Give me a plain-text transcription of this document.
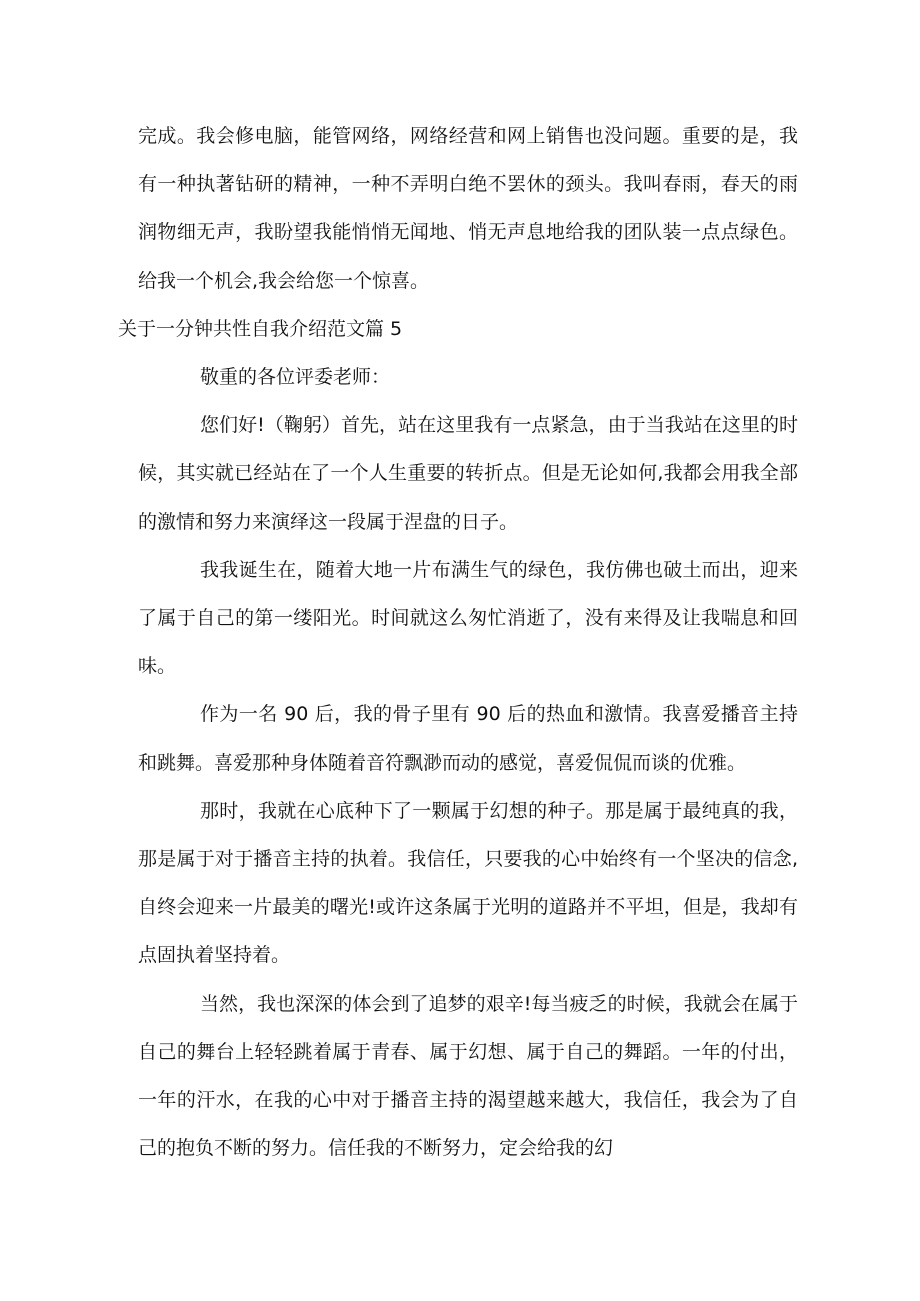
完成。我会修电脑，能管网络，网络经营和网上销售也没问题。重要的是，我有一种执著钻研的精神，一种不弄明白绝不罢休的颈头。我叫春雨，春天的雨润物细无声，我盼望我能悄悄无闻地、悄无声息地给我的团队装一点点绿色。给我一个机会,我会给您一个惊喜。

关于一分钟共性自我介绍范文篇 5

敬重的各位评委老师：

您们好!（鞠躬）首先，站在这里我有一点紧急，由于当我站在这里的时候，其实就已经站在了一个人生重要的转折点。但是无论如何,我都会用我全部的激情和努力来演绎这一段属于涅盘的日子。

我我诞生在，随着大地一片布满生气的绿色，我仿佛也破土而出，迎来了属于自己的第一缕阳光。时间就这么匆忙消逝了，没有来得及让我喘息和回味。

作为一名 90 后，我的骨子里有 90 后的热血和激情。我喜爱播音主持和跳舞。喜爱那种身体随着音符飘渺而动的感觉，喜爱侃侃而谈的优雅。

那时，我就在心底种下了一颗属于幻想的种子。那是属于最纯真的我，那是属于对于播音主持的执着。我信任，只要我的心中始终有一个坚决的信念,自终会迎来一片最美的曙光!或许这条属于光明的道路并不平坦，但是，我却有点固执着坚持着。

当然，我也深深的体会到了追梦的艰辛!每当疲乏的时候，我就会在属于自己的舞台上轻轻跳着属于青春、属于幻想、属于自己的舞蹈。一年的付出，一年的汗水，在我的心中对于播音主持的渴望越来越大，我信任，我会为了自己的抱负不断的努力。信任我的不断努力，定会给我的幻
